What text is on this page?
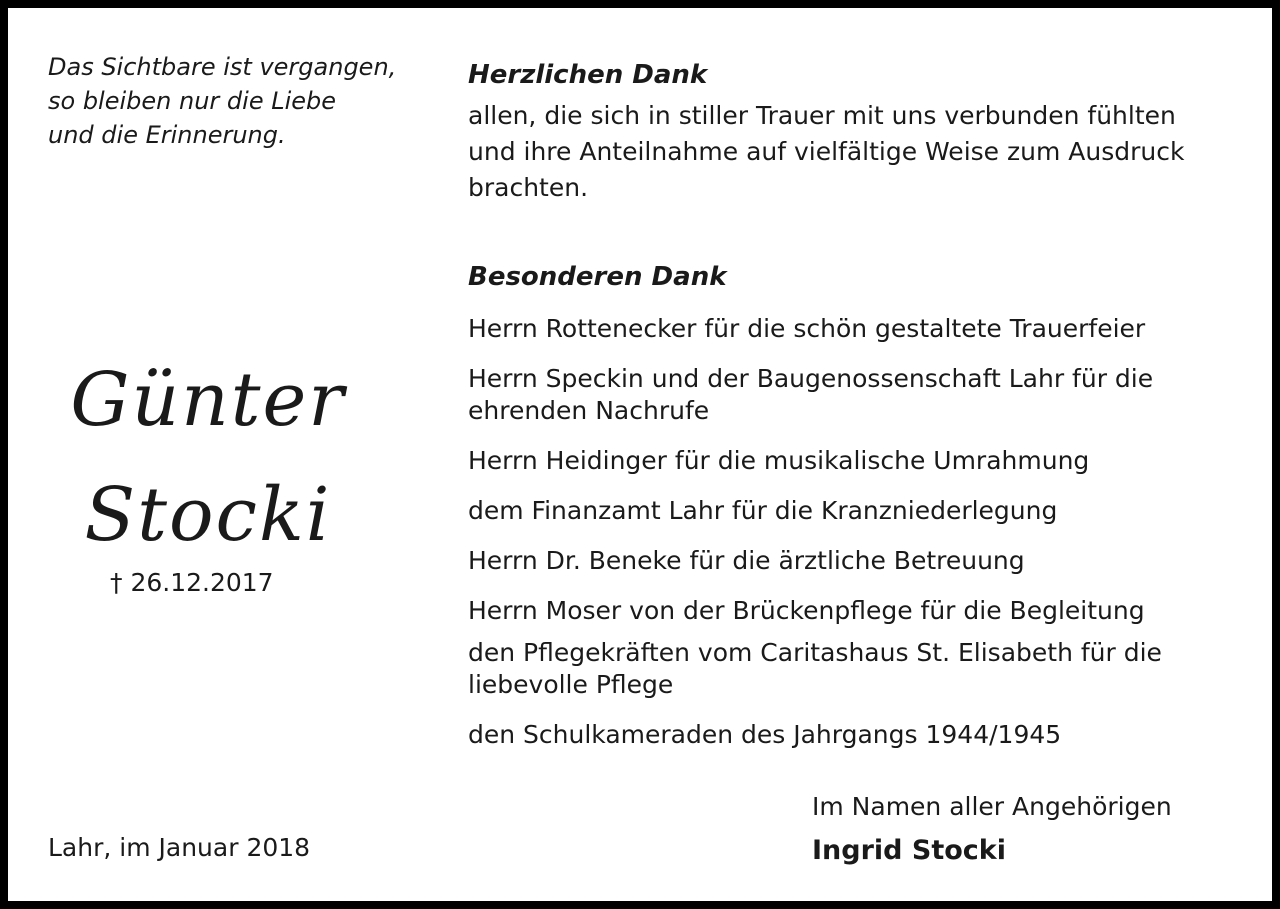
Das Sichtbare ist vergangen,
so bleiben nur die Liebe
und die Erinnerung.
Günter
Stocki
† 26.12.2017
Lahr, im Januar 2018
Herzlichen Dank
allen, die sich in stiller Trauer mit uns verbunden fühlten
und ihre Anteilnahme auf vielfältige Weise zum Ausdruck
brachten.
Besonderen Dank
Herrn Rottenecker für die schön gestaltete Trauerfeier
Herrn Speckin und der Baugenossenschaft Lahr für die
ehrenden Nachrufe
Herrn Heidinger für die musikalische Umrahmung
dem Finanzamt Lahr für die Kranzniederlegung
Herrn Dr. Beneke für die ärztliche Betreuung
Herrn Moser von der Brückenpflege für die Begleitung
den Pflegekräften vom Caritashaus St. Elisabeth für die
liebevolle Pflege
den Schulkameraden des Jahrgangs 1944/1945
Im Namen aller Angehörigen
Ingrid Stocki
